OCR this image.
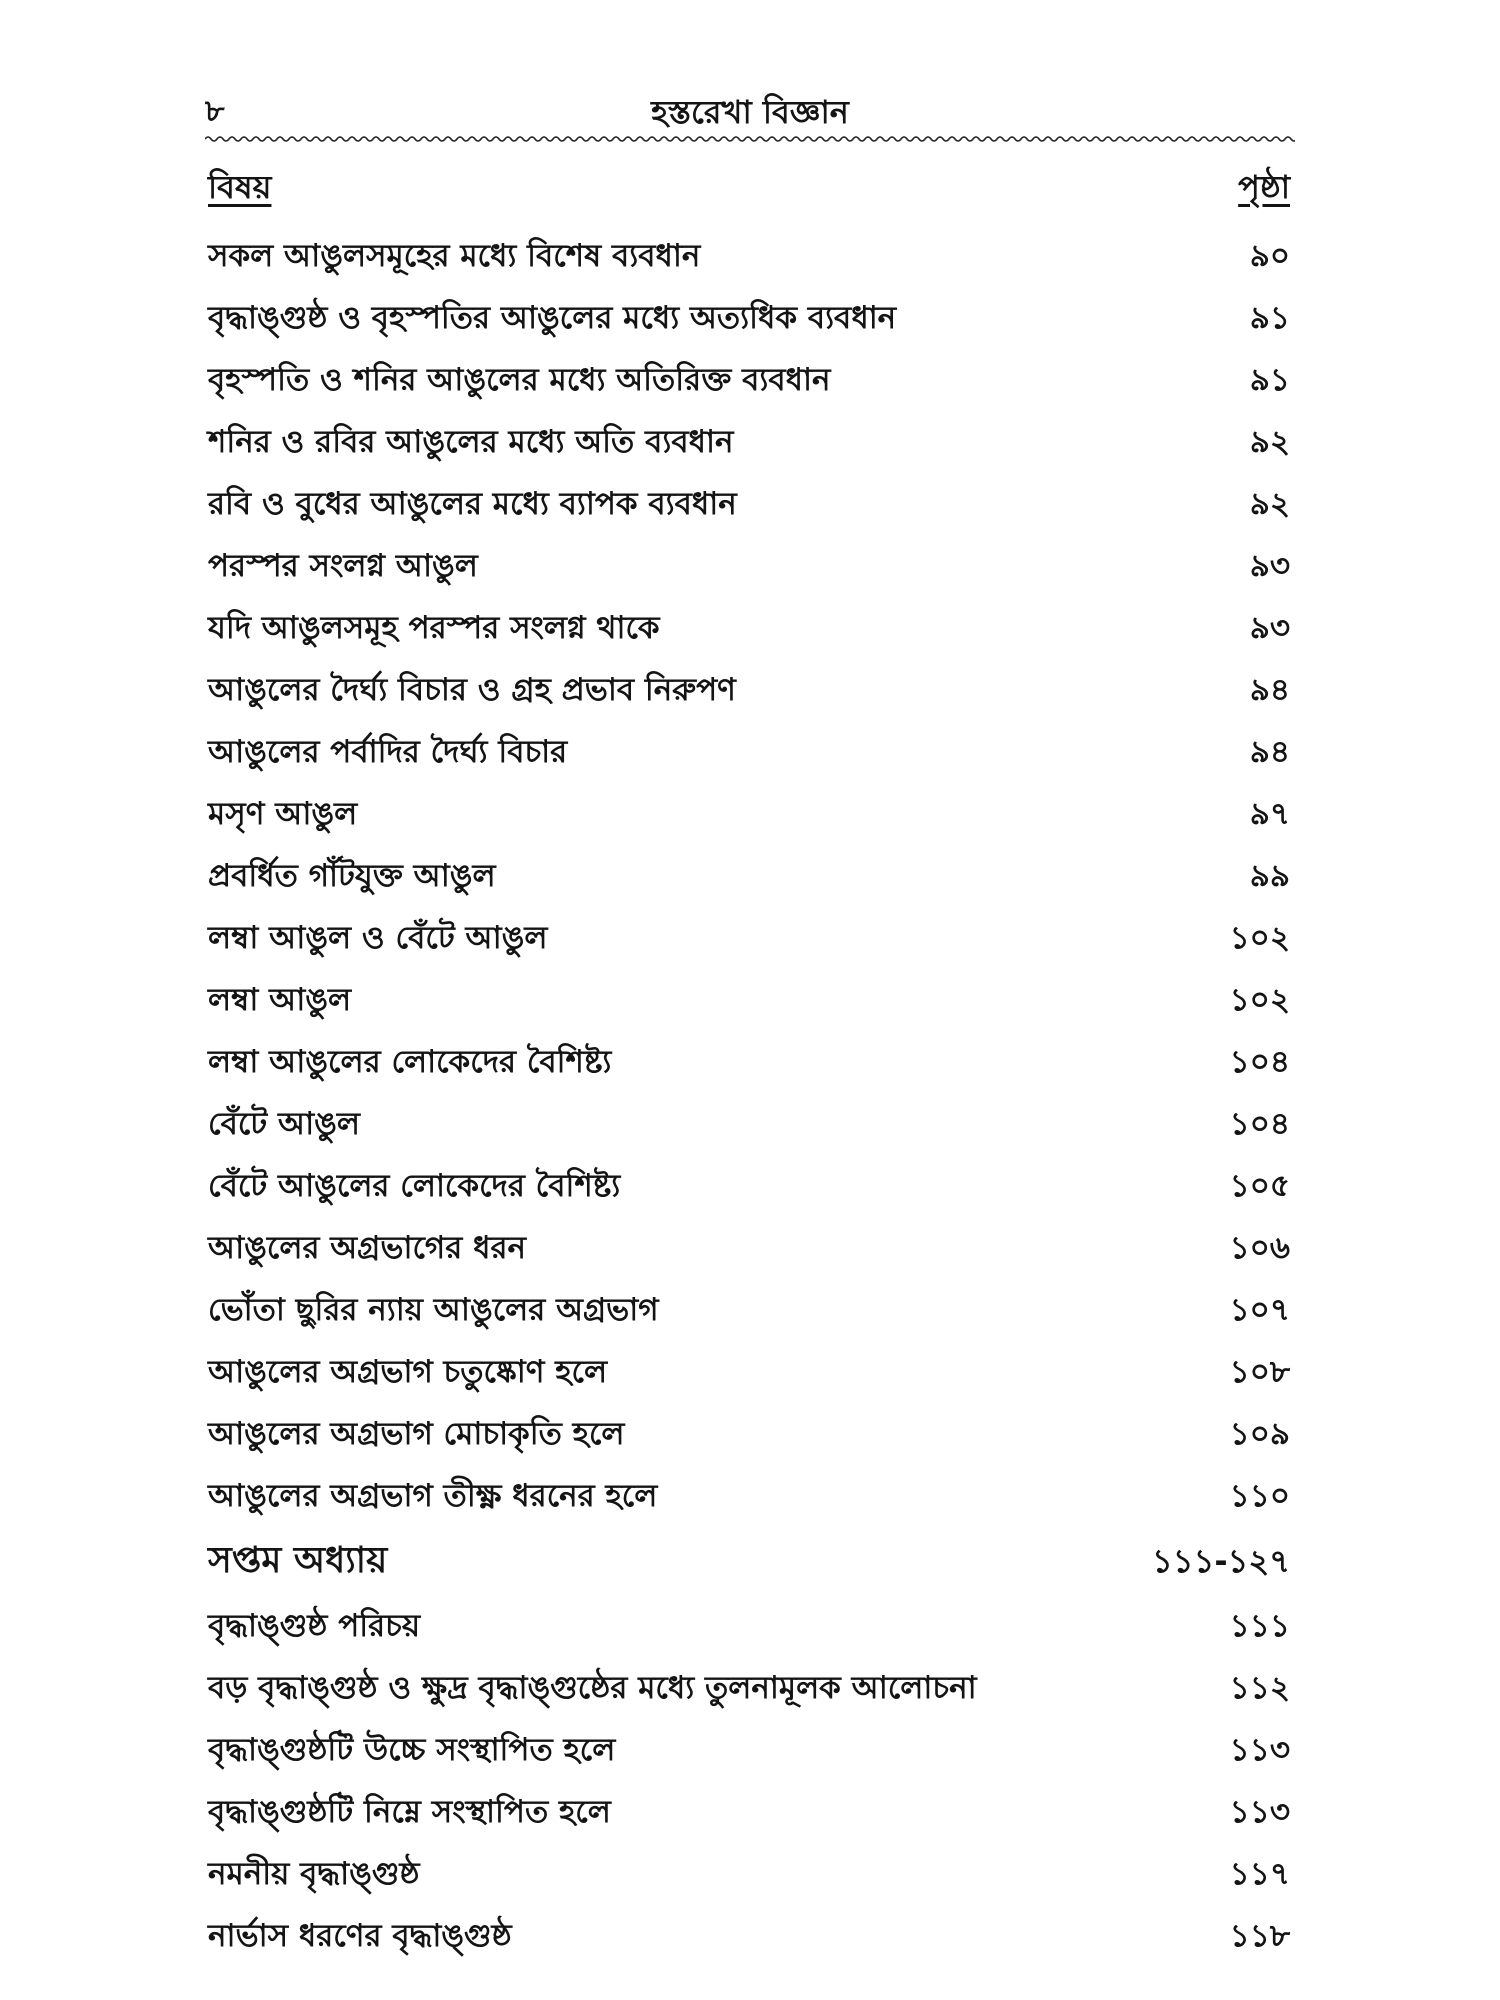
৮	হস্তরেখা বিজ্ঞান
বিষয়	পৃষ্ঠা
সকল আঙুলসমূহের মধ্যে বিশেষ ব্যবধান	৯০
বৃদ্ধাঙ্গুষ্ঠ ও বৃহস্পতির আঙুলের মধ্যে অত্যধিক ব্যবধান	৯১
বৃহস্পতি ও শনির আঙুলের মধ্যে অতিরিক্ত ব্যবধান	৯১
শনির ও রবির আঙুলের মধ্যে অতি ব্যবধান	৯২
রবি ও বুধের আঙুলের মধ্যে ব্যাপক ব্যবধান	৯২
পরস্পর সংলগ্ন আঙুল	৯৩
যদি আঙুলসমূহ পরস্পর সংলগ্ন থাকে	৯৩
আঙুলের দৈর্ঘ্য বিচার ও গ্রহ প্রভাব নিরুপণ	৯৪
আঙুলের পর্বাদির দৈর্ঘ্য বিচার	৯৪
মসৃণ আঙুল	৯৭
প্রবর্ধিত গাঁটযুক্ত আঙুল	৯৯
লম্বা আঙুল ও বেঁটে আঙুল	১০২
লম্বা আঙুল	১০২
লম্বা আঙুলের লোকেদের বৈশিষ্ট্য	১০৪
বেঁটে আঙুল	১০৪
বেঁটে আঙুলের লোকেদের বৈশিষ্ট্য	১০৫
আঙুলের অগ্রভাগের ধরন	১০৬
ভোঁতা ছুরির ন্যায় আঙুলের অগ্রভাগ	১০৭
আঙুলের অগ্রভাগ চতুষ্কোণ হলে	১০৮
আঙুলের অগ্রভাগ মোচাকৃতি হলে	১০৯
আঙুলের অগ্রভাগ তীক্ষ্ণ ধরনের হলে	১১০
সপ্তম অধ্যায়	১১১-১২৭
বৃদ্ধাঙ্গুষ্ঠ পরিচয়	১১১
বড় বৃদ্ধাঙ্গুষ্ঠ ও ক্ষুদ্র বৃদ্ধাঙ্গুষ্ঠের মধ্যে তুলনামূলক আলোচনা	১১২
বৃদ্ধাঙ্গুষ্ঠটি উচ্চে সংস্থাপিত হলে	১১৩
বৃদ্ধাঙ্গুষ্ঠটি নিম্নে সংস্থাপিত হলে	১১৩
নমনীয় বৃদ্ধাঙ্গুষ্ঠ	১১৭
নার্ভাস ধরণের বৃদ্ধাঙ্গুষ্ঠ	১১৮
